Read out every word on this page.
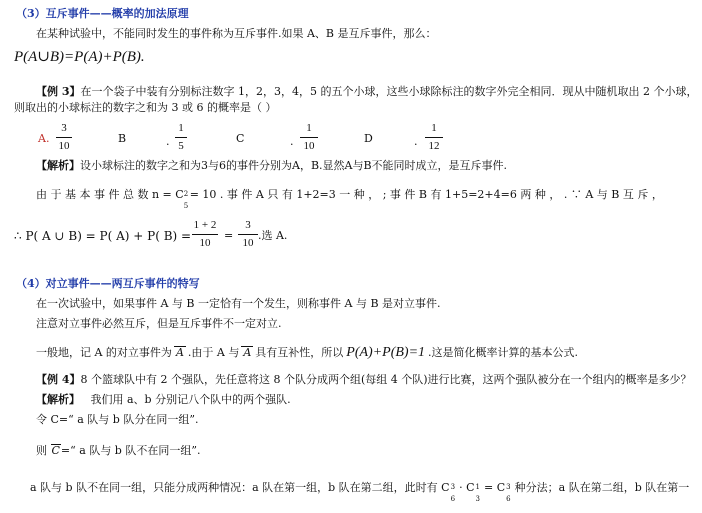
（3）互斥事件——概率的加法原理
在某种试验中，不能同时发生的事件称为互斥事件.如果 A、B 是互斥事件，那么：
P(A∪B)=P(A)+P(B).
【例 3】在一个袋子中装有分别标注数字 1，2，3，4，5 的五个小球，这些小球除标注的数字外完全相同．现从中随机取出 2 个小球，
则取出的小球标注的数字之和为 3 或 6 的概率是（ ）
A.
3
10
B	.
1
5
C	.
1
10
D	.
1
12
【解析】设小球标注的数字之和为3与6的事件分别为A，B.显然A与B不能同时成立，是互斥事件.
由 于 基 本 事 件 总 数 n = C 2
5
= 10 . 事 件 A 只 有 1+2=3 一 种 ， ; 事 件 B 有 1+5=2+4=6 两 种 ， . ∵ A 与 B 互 斥 ，
∴ P( A ∪ B) = P( A) + P( B) =
1 + 2
10
=
3
10
.选 A.
（4）对立事件——两互斥事件的特写
在一次试验中，如果事件 A 与 B 一定恰有一个发生，则称事件 A 与 B 是对立事件.
注意对立事件必然互斥，但是互斥事件不一定对立.
一般地，记 A 的对立事件为 A .由于 A 与 A 具有互补性，所以 P(A)+P(B)=1 .这是简化概率计算的基本公式.
【例 4】8 个篮球队中有 2 个强队，先任意将这 8 个队分成两个组(每组 4 个队)进行比赛，这两个强队被分在一个组内的概率是多少？
【解析】 我们用 a、b 分别记八个队中的两个强队.
令 C=“ a 队与 b 队分在同一组”.
则 C=“ a 队与 b 队不在同一组”.
a 队与 b 队不在同一组，只能分成两种情况：a 队在第一组，b 队在第二组，此时有 C 3
6
· C 1
3
= C 3
6
种分法；a 队在第二组，b 队在第一
